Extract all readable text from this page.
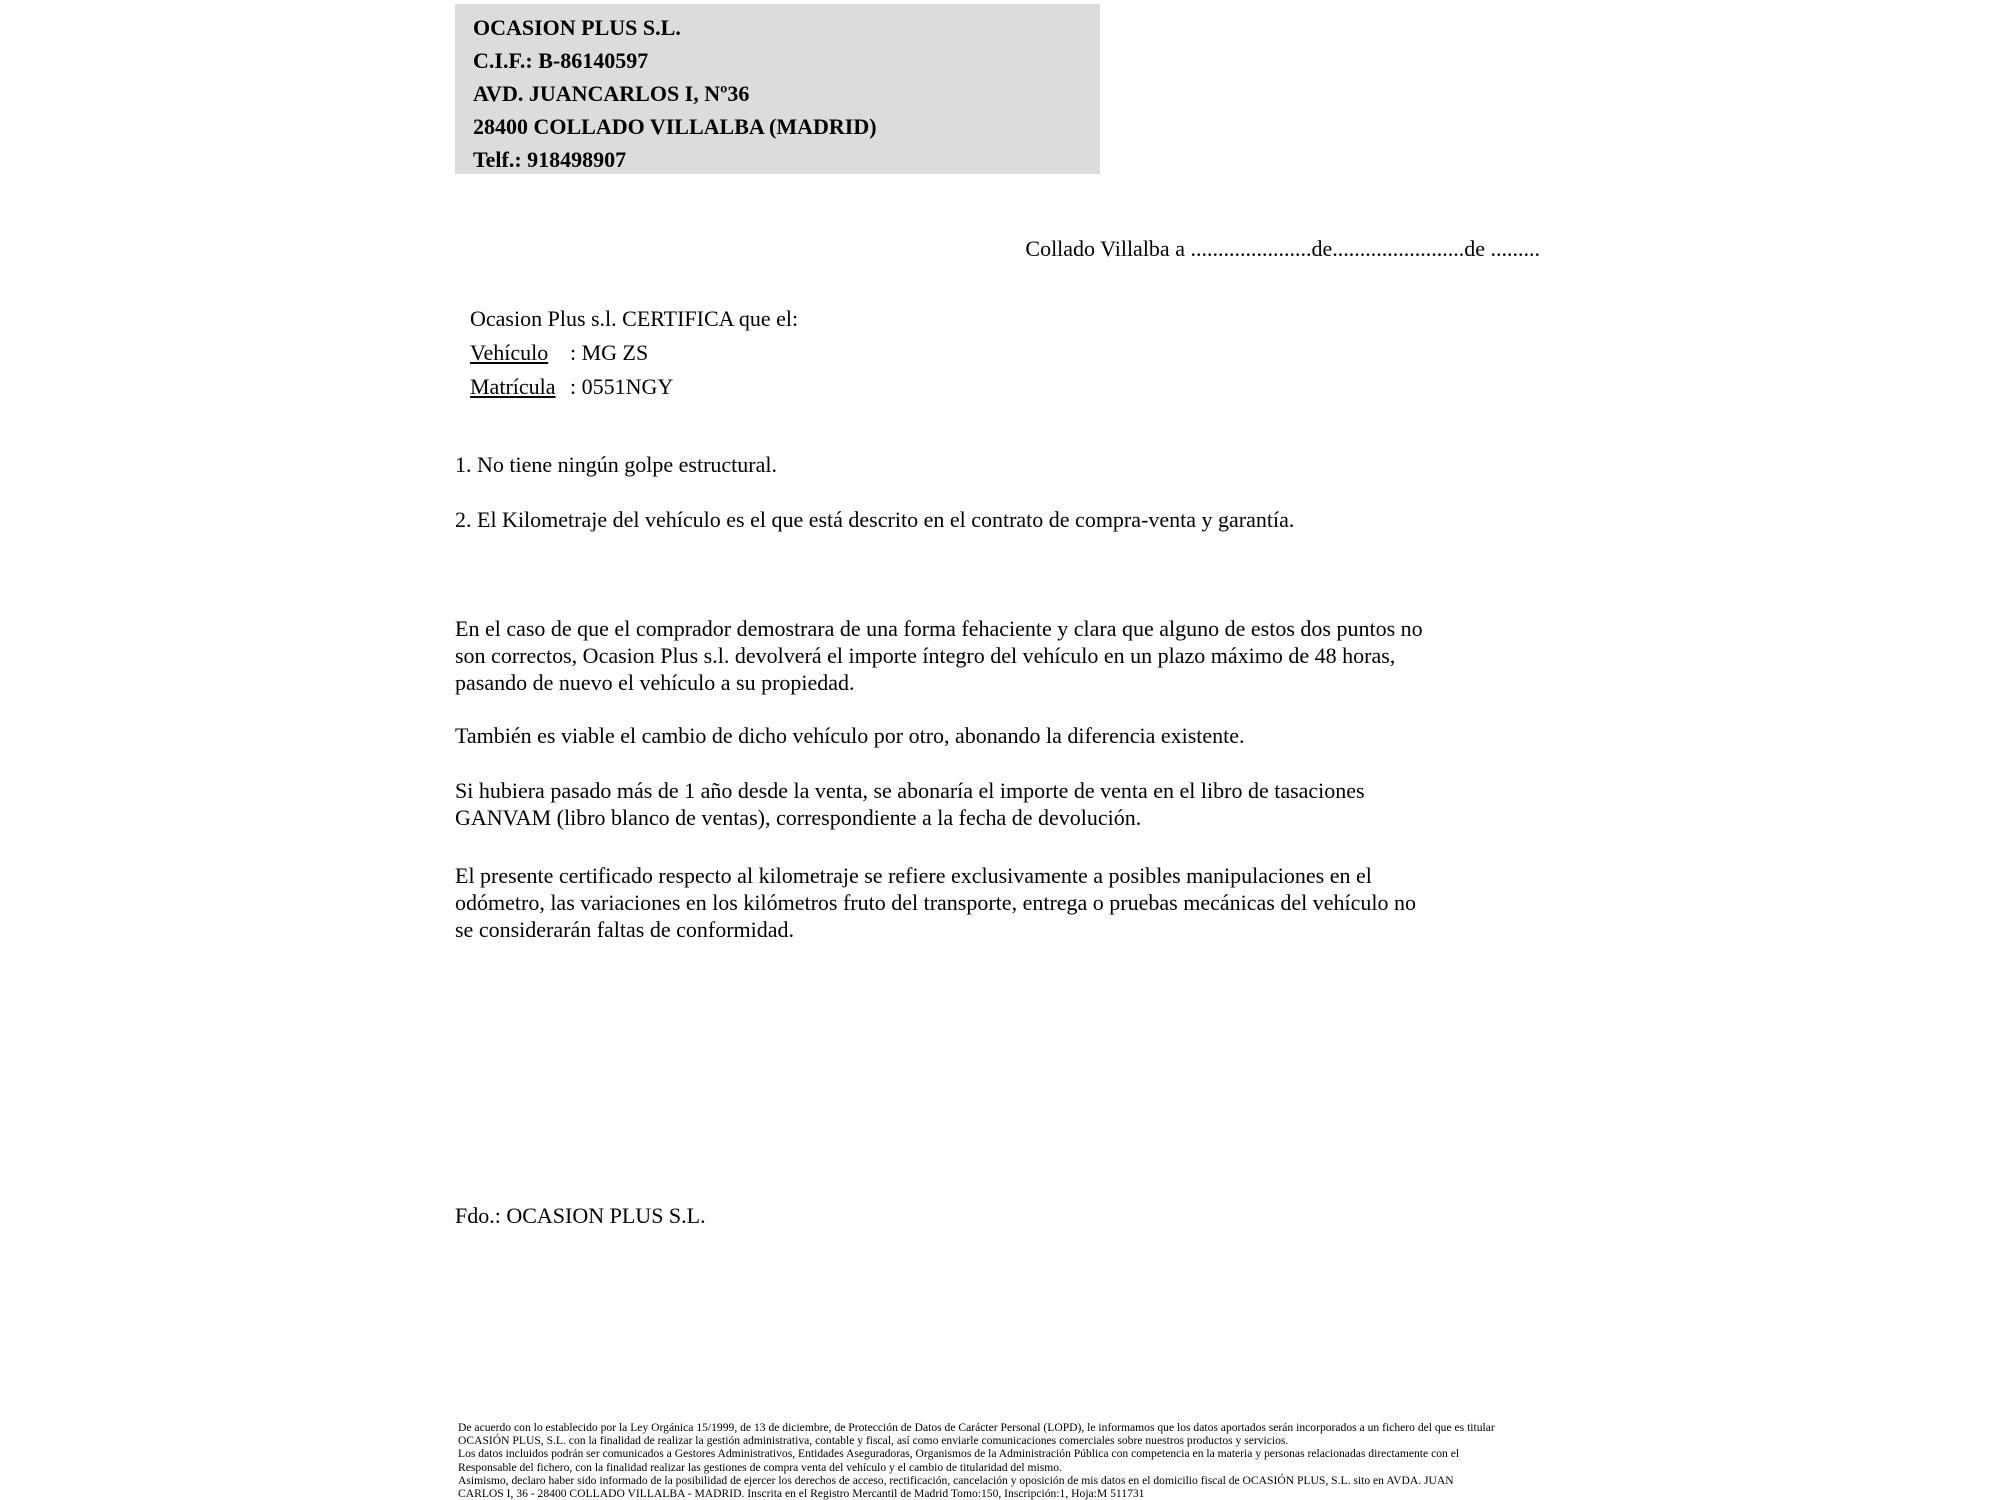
OCASION PLUS S.L.
C.I.F.: B-86140597
AVD. JUANCARLOS I, Nº36
28400 COLLADO VILLALBA (MADRID)
Telf.: 918498907
Collado Villalba a ......................de........................de .........
Ocasion Plus s.l. CERTIFICA que el:
Vehículo : MG ZS
Matrícula : 0551NGY
1. No tiene ningún golpe estructural.
2. El Kilometraje del vehículo es el que está descrito en el contrato de compra-venta y garantía.
En el caso de que el comprador demostrara de una forma fehaciente y clara que alguno de estos dos puntos no
son correctos, Ocasion Plus s.l. devolverá el importe íntegro del vehículo en un plazo máximo de 48 horas,
pasando de nuevo el vehículo a su propiedad.
También es viable el cambio de dicho vehículo por otro, abonando la diferencia existente.
Si hubiera pasado más de 1 año desde la venta, se abonaría el importe de venta en el libro de tasaciones
GANVAM (libro blanco de ventas), correspondiente a la fecha de devolución.
El presente certificado respecto al kilometraje se refiere exclusivamente a posibles manipulaciones en el
odómetro, las variaciones en los kilómetros fruto del transporte, entrega o pruebas mecánicas del vehículo no
se considerarán faltas de conformidad.
Fdo.: OCASION PLUS S.L.
De acuerdo con lo establecido por la Ley Orgánica 15/1999, de 13 de diciembre, de Protección de Datos de Carácter Personal (LOPD), le informamos que los datos aportados serán incorporados a un fichero del que es titular
OCASIÓN PLUS, S.L. con la finalidad de realizar la gestión administrativa, contable y fiscal, así como enviarle comunicaciones comerciales sobre nuestros productos y servicios.
Los datos incluidos podrán ser comunicados a Gestores Administrativos, Entidades Aseguradoras, Organismos de la Administración Pública con competencia en la materia y personas relacionadas directamente con el
Responsable del fichero, con la finalidad realizar las gestiones de compra venta del vehículo y el cambio de titularidad del mismo.
Asimismo, declaro haber sido informado de la posibilidad de ejercer los derechos de acceso, rectificación, cancelación y oposición de mis datos en el domicilio fiscal de OCASIÓN PLUS, S.L. sito en AVDA. JUAN
CARLOS I, 36 - 28400 COLLADO VILLALBA - MADRID. Inscrita en el Registro Mercantil de Madrid Tomo:150, Inscripción:1, Hoja:M 511731
